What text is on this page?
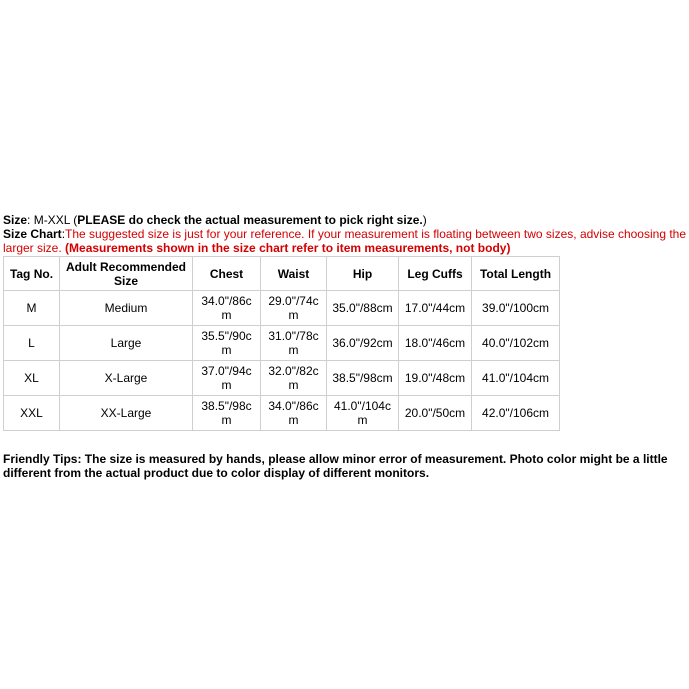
Size: M-XXL (PLEASE do check the actual measurement to pick right size.)
Size Chart:The suggested size is just for your reference. If your measurement is floating between two sizes, advise choosing the larger size. (Measurements shown in the size chart refer to item measurements, not body)
Tag No.	Adult Recommended Size	Chest	Waist	Hip	Leg Cuffs	Total Length
M	Medium	34.0"/86cm	29.0"/74cm	35.0"/88cm	17.0"/44cm	39.0"/100cm
L	Large	35.5"/90cm	31.0"/78cm	36.0"/92cm	18.0"/46cm	40.0"/102cm
XL	X-Large	37.0"/94cm	32.0"/82cm	38.5"/98cm	19.0"/48cm	41.0"/104cm
XXL	XX-Large	38.5"/98cm	34.0"/86cm	41.0"/104cm	20.0"/50cm	42.0"/106cm
Friendly Tips: The size is measured by hands, please allow minor error of measurement. Photo color might be a little different from the actual product due to color display of different monitors.
